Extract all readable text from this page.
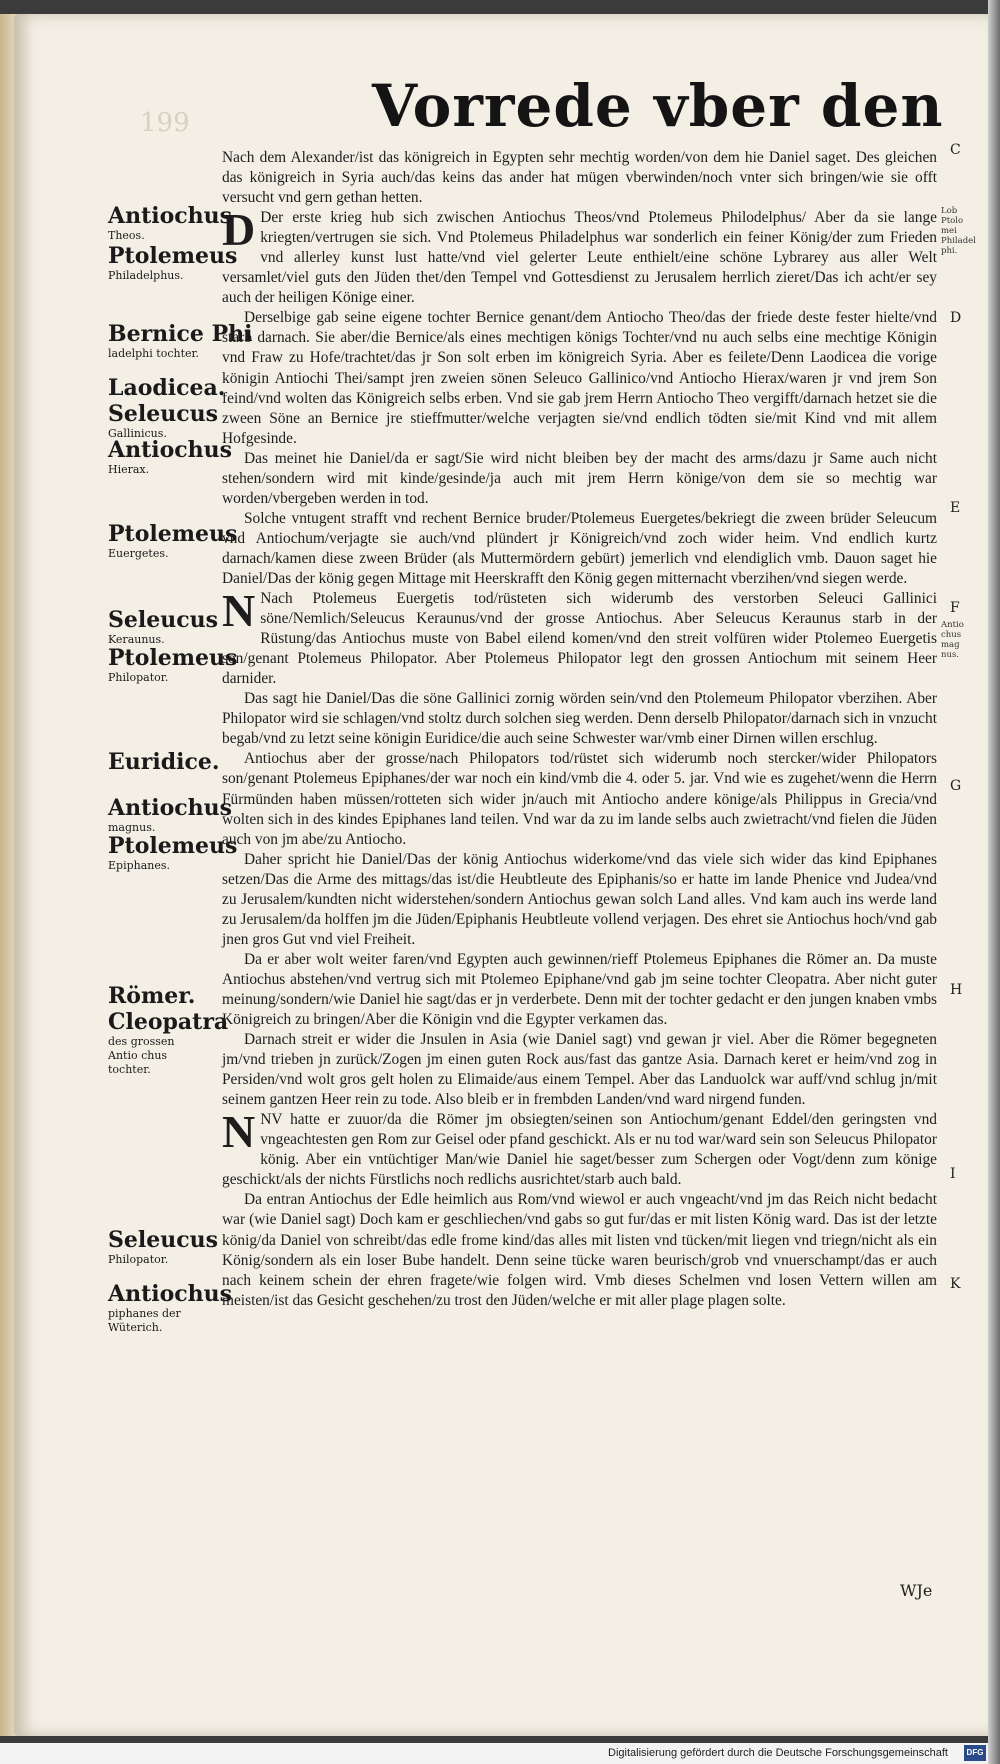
199	Vorrede vber den

Nach dem Alexander/ist das königreich in Egypten sehr mechtig worden/von dem hie Daniel saget. Des gleichen das königreich in Syria auch/das keins das ander hat mügen vberwinden/noch vnter sich bringen/wie sie offt versucht vnd gern gethan hetten.

D Der erste krieg hub sich zwischen Antiochus Theos/vnd Ptolemeus Philodelphus/ Aber da sie lange kriegten/vertrugen sie sich. Vnd Ptolemeus Philadelphus war sonderlich ein feiner König/der zum Frieden vnd allerley kunst lust hatte/vnd viel gelerter Leute enthielt/eine schöne Lybrarey aus aller Welt versamlet/viel guts den Jüden thet/den Tempel vnd Gottesdienst zu Jerusalem herrlich zieret/Das ich acht/er sey auch der heiligen Könige einer.

Derselbige gab seine eigene tochter Bernice genant/dem Antiocho Theo/das der friede deste fester hielte/vnd starb darnach. Sie aber/die Bernice/als eines mechtigen königs Tochter/vnd nu auch selbs eine mechtige Königin vnd Fraw zu Hofe/trachtet/das jr Son solt erben im königreich Syria. Aber es feilete/Denn Laodicea die vorige königin Antiochi Thei/sampt jren zweien sönen Seleuco Gallinico/vnd Antiocho Hierax/waren jr vnd jrem Son feind/vnd wolten das Königreich selbs erben. Vnd sie gab jrem Herrn Antiocho Theo vergifft/darnach hetzet sie die zween Söne an Bernice jre stieffmutter/welche verjagten sie/vnd endlich tödten sie/mit Kind vnd mit allem Hofgesinde.

Das meinet hie Daniel/da er sagt/Sie wird nicht bleiben bey der macht des arms/dazu jr Same auch nicht stehen/sondern wird mit kinde/gesinde/ja auch mit jrem Herrn könige/von dem sie so mechtig war worden/vbergeben werden in tod.

Solche vntugent strafft vnd rechent Bernice bruder/Ptolemeus Euergetes/bekriegt die zween brüder Seleucum vnd Antiochum/verjagte sie auch/vnd plündert jr Königreich/vnd zoch wider heim. Vnd endlich kurtz darnach/kamen diese zween Brüder (als Muttermördern gebürt) jemerlich vnd elendiglich vmb. Dauon saget hie Daniel/Das der könig gegen Mittage mit Heerskrafft den König gegen mitternacht vberzihen/vnd siegen werde.

N Nach Ptolemeus Euergetis tod/rüsteten sich widerumb des verstorben Seleuci Gallinici söne/Nemlich/Seleucus Keraunus/vnd der grosse Antiochus. Aber Seleucus Keraunus starb in der Rüstung/das Antiochus muste von Babel eilend komen/vnd den streit volfüren wider Ptolemeo Euergetis son/genant Ptolemeus Philopator. Aber Ptolemeus Philopator legt den grossen Antiochum mit seinem Heer darnider.

Das sagt hie Daniel/Das die söne Gallinici zornig wörden sein/vnd den Ptolemeum Philopator vberzihen. Aber Philopator wird sie schlagen/vnd stoltz durch solchen sieg werden. Denn derselb Philopator/darnach sich in vnzucht begab/vnd zu letzt seine königin Euridice/die auch seine Schwester war/vmb einer Dirnen willen erschlug.

Antiochus aber der grosse/nach Philopators tod/rüstet sich widerumb noch stercker/wider Philopators son/genant Ptolemeus Epiphanes/der war noch ein kind/vmb die 4. oder 5. jar. Vnd wie es zugehet/wenn die Herrn Fürmünden haben müssen/rotteten sich wider jn/auch mit Antiocho andere könige/als Philippus in Grecia/vnd wolten sich in des kindes Epiphanes land teilen. Vnd war da zu im lande selbs auch zwietracht/vnd fielen die Jüden auch von jm abe/zu Antiocho.

Daher spricht hie Daniel/Das der könig Antiochus widerkome/vnd das viele sich wider das kind Epiphanes setzen/Das die Arme des mittags/das ist/die Heubtleute des Epiphanis/so er hatte im lande Phenice vnd Judea/vnd zu Jerusalem/kundten nicht widerstehen/sondern Antiochus gewan solch Land alles. Vnd kam auch ins werde land zu Jerusalem/da holffen jm die Jüden/Epiphanis Heubtleute vollend verjagen. Des ehret sie Antiochus hoch/vnd gab jnen gros Gut vnd viel Freiheit.

Da er aber wolt weiter faren/vnd Egypten auch gewinnen/rieff Ptolemeus Epiphanes die Römer an. Da muste Antiochus abstehen/vnd vertrug sich mit Ptolemeo Epiphane/vnd gab jm seine tochter Cleopatra. Aber nicht guter meinung/sondern/wie Daniel hie sagt/das er jn verderbete. Denn mit der tochter gedacht er den jungen knaben vmbs Königreich zu bringen/Aber die Königin vnd die Egypter verkamen das.

Darnach streit er wider die Jnsulen in Asia (wie Daniel sagt) vnd gewan jr viel. Aber die Römer begegneten jm/vnd trieben jn zurück/Zogen jm einen guten Rock aus/fast das gantze Asia. Darnach keret er heim/vnd zog in Persiden/vnd wolt gros gelt holen zu Elimaide/aus einem Tempel. Aber das Landuolck war auff/vnd schlug jn/mit seinem gantzen Heer rein zu tode. Also bleib er in frembden Landen/vnd ward nirgend funden.

NNV hatte er zuuor/da die Römer jm obsiegten/seinen son Antiochum/genant Eddel/den geringsten vnd vngeachtesten gen Rom zur Geisel oder pfand geschickt. Als er nu tod war/ward sein son Seleucus Philopator könig. Aber ein vntüchtiger Man/wie Daniel hie saget/besser zum Schergen oder Vogt/denn zum könige geschickt/als der nichts Fürstlichs noch redlichs ausrichtet/starb auch bald.

Da entran Antiochus der Edle heimlich aus Rom/vnd wiewol er auch vngeacht/vnd jm das Reich nicht bedacht war (wie Daniel sagt) Doch kam er geschliechen/vnd gabs so gut fur/das er mit listen König ward. Das ist der letzte könig/da Daniel von schreibt/das edle frome kind/das alles mit listen vnd tücken/mit liegen vnd triegn/nicht als ein König/sondern als ein loser Bube handelt. Denn seine tücke waren beurisch/grob vnd vnuerschampt/das er auch nach keinem schein der ehren fragete/wie folgen wird. Vmb dieses Schelmen vnd losen Vettern willen am meisten/ist das Gesicht geschehen/zu trost den Jüden/welche er mit aller plage plagen solte.

Antiochus
Theos.
Ptolemeus
Philadelphus.
Bernice Phi
ladelphi tochter.
Laodicea.
Seleucus
Gallinicus.
Antiochus
Hierax.
Ptolemeus
Euergetes.
Seleucus
Keraunus.
Ptolemeus
Philopator.
Euridice.
Antiochus
magnus.
Ptolemeus
Epiphanes.
Römer.
Cleopatra
des grossen Antio chus tochter.
Seleucus
Philopator.
Antiochus
piphanes der Wüterich.
C
D
E
F
G
H
I
K
Lob Ptolo mei Philadel phi.
Antio chus mag nus.
WJe
Digitalisierung gefördert durch die Deutsche Forschungsgemeinschaft	DFG
